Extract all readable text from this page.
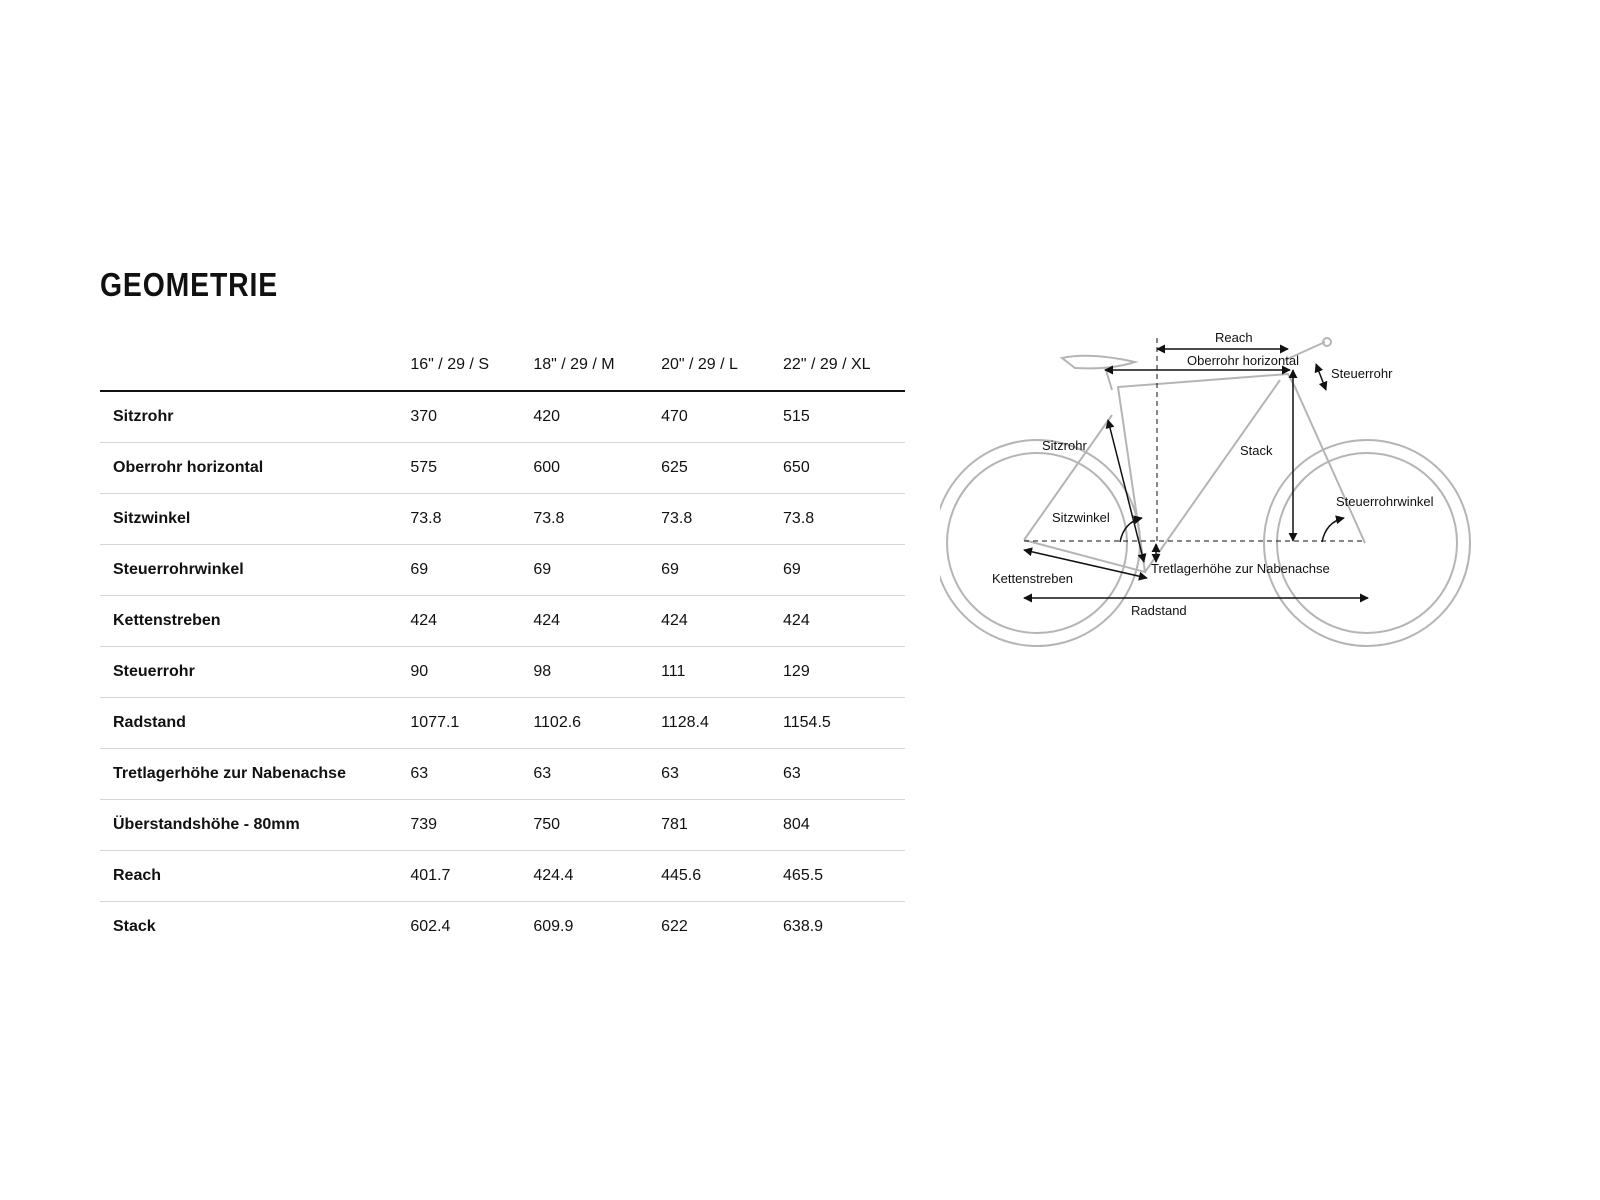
GEOMETRIE
	16" / 29 / S	18" / 29 / M	20" / 29 / L	22" / 29 / XL
Sitzrohr	370	420	470	515
Oberrohr horizontal	575	600	625	650
Sitzwinkel	73.8	73.8	73.8	73.8
Steuerrohrwinkel	69	69	69	69
Kettenstreben	424	424	424	424
Steuerrohr	90	98	111	129
Radstand	1077.1	1102.6	1128.4	1154.5
Tretlagerhöhe zur Nabenachse	63	63	63	63
Überstandshöhe - 80mm	739	750	781	804
Reach	401.7	424.4	445.6	465.5
Stack	602.4	609.9	622	638.9
Reach
Oberrohr horizontal
Steuerrohr
Sitzrohr	Stack
Steuerrohrwinkel
Sitzwinkel
Kettenstreben
Tretlagerhöhe zur Nabenachse
Radstand
